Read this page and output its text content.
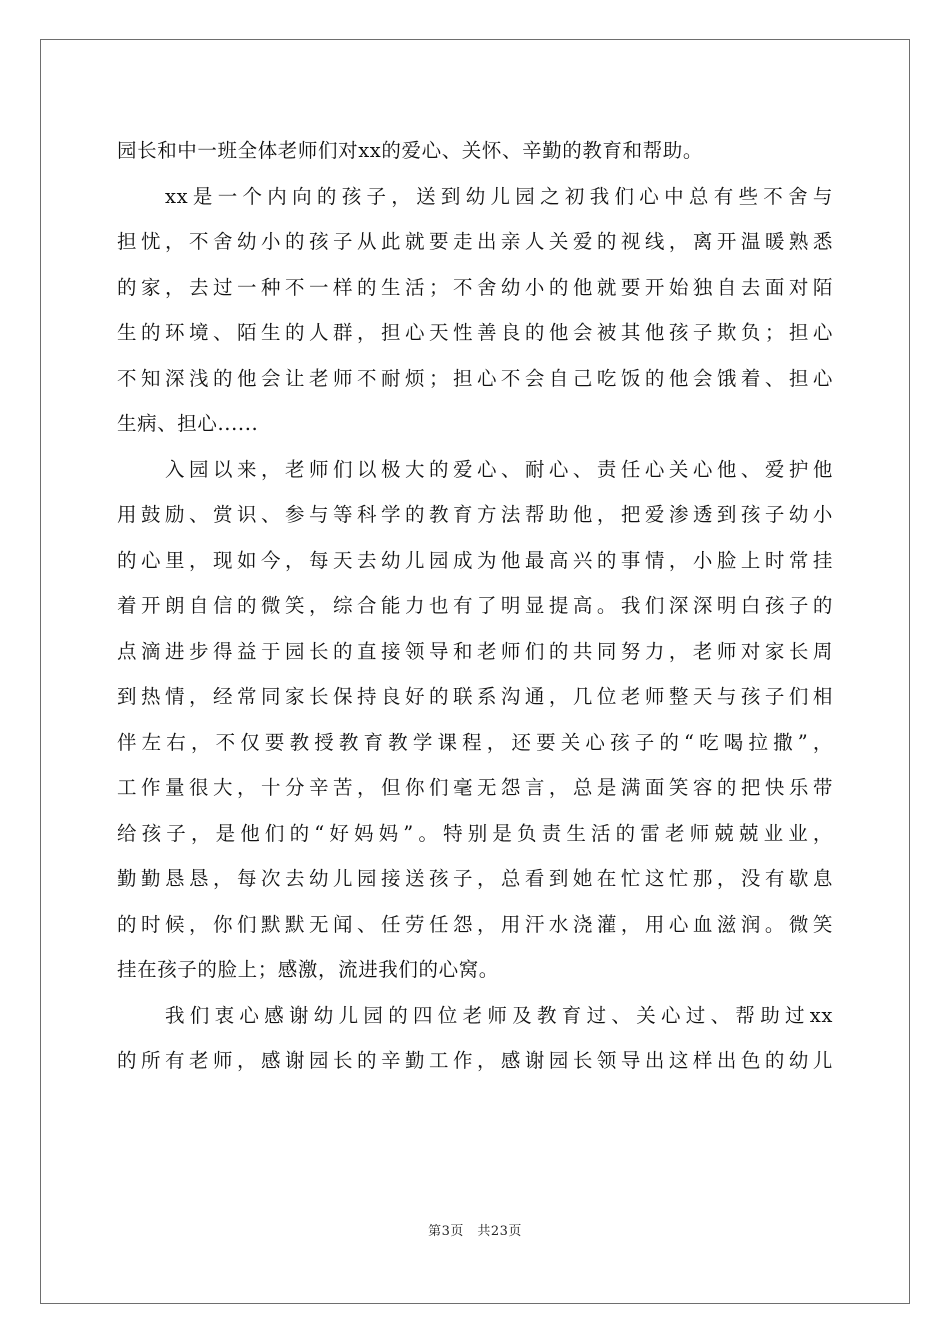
园长和中一班全体老师们对xx的爱心、关怀、辛勤的教育和帮助。
xx是一个内向的孩子，送到幼儿园之初我们心中总有些不舍与
担忧，不舍幼小的孩子从此就要走出亲人关爱的视线，离开温暖熟悉
的家，去过一种不一样的生活；不舍幼小的他就要开始独自去面对陌
生的环境、陌生的人群，担心天性善良的他会被其他孩子欺负；担心
不知深浅的他会让老师不耐烦；担心不会自己吃饭的他会饿着、担心
生病、担心......
入园以来，老师们以极大的爱心、耐心、责任心关心他、爱护他
用鼓励、赏识、参与等科学的教育方法帮助他，把爱渗透到孩子幼小
的心里，现如今，每天去幼儿园成为他最高兴的事情，小脸上时常挂
着开朗自信的微笑，综合能力也有了明显提高。我们深深明白孩子的
点滴进步得益于园长的直接领导和老师们的共同努力，老师对家长周
到热情，经常同家长保持良好的联系沟通，几位老师整天与孩子们相
伴左右，不仅要教授教育教学课程，还要关心孩子的“吃喝拉撒”，
工作量很大，十分辛苦，但你们毫无怨言，总是满面笑容的把快乐带
给孩子，是他们的“好妈妈”。特别是负责生活的雷老师兢兢业业，
勤勤恳恳，每次去幼儿园接送孩子，总看到她在忙这忙那，没有歇息
的时候，你们默默无闻、任劳任怨，用汗水浇灌，用心血滋润。微笑
挂在孩子的脸上；感激，流进我们的心窝。
我们衷心感谢幼儿园的四位老师及教育过、关心过、帮助过xx
的所有老师，感谢园长的辛勤工作，感谢园长领导出这样出色的幼儿
第3页　共23页
